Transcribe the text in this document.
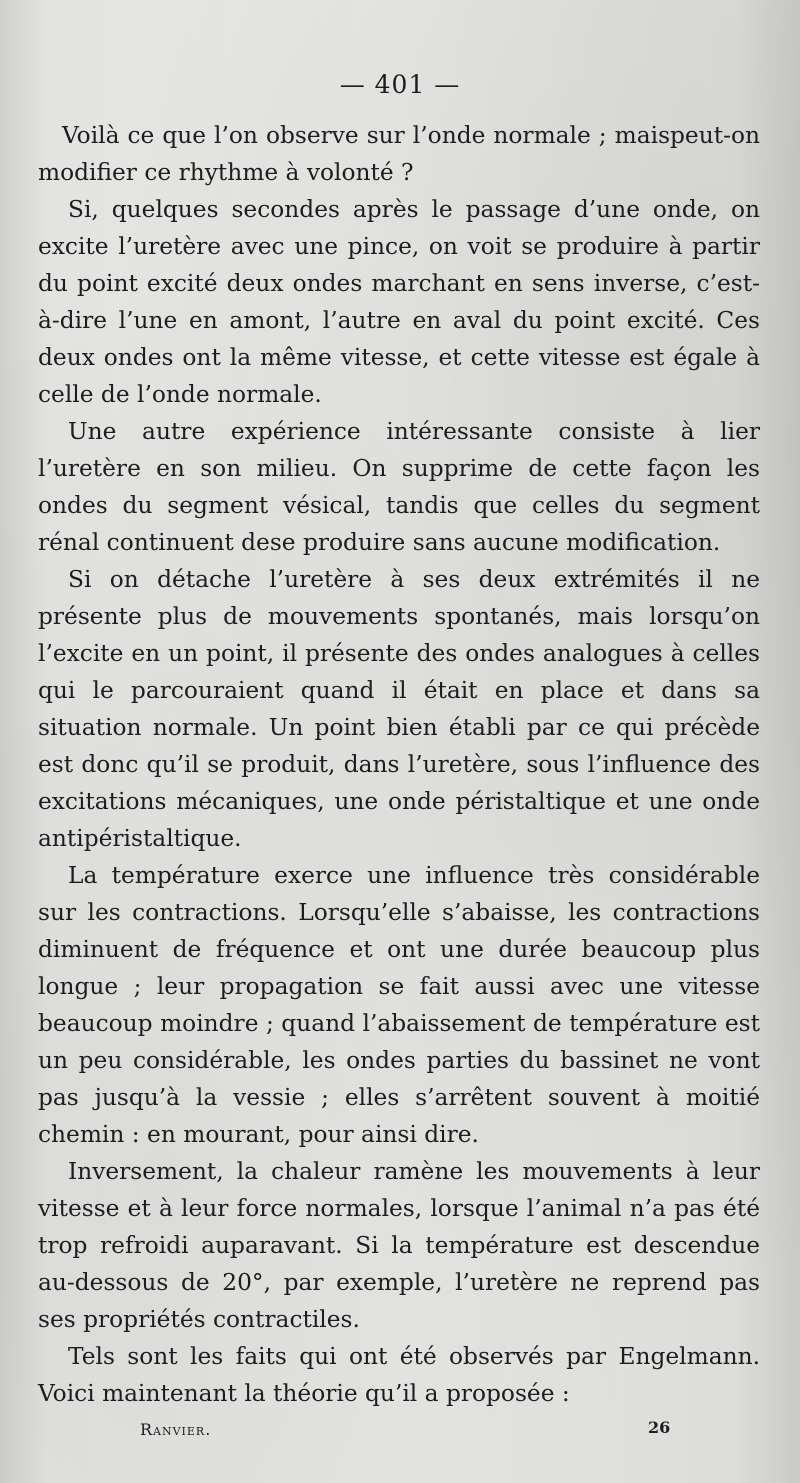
— 401 —

Voilà ce que l’on observe sur l’onde normale ; maispeut-on modifier ce rhythme à volonté ?

Si, quelques secondes après le passage d’une onde, on excite l’uretère avec une pince, on voit se produire à partir du point excité deux ondes marchant en sens inverse, c’est-à-dire l’une en amont, l’autre en aval du point excité. Ces deux ondes ont la même vitesse, et cette vitesse est égale à celle de l’onde normale.

Une autre expérience intéressante consiste à lier l’uretère en son milieu. On supprime de cette façon les ondes du segment vésical, tandis que celles du segment rénal continuent dese produire sans aucune modification.

Si on détache l’uretère à ses deux extrémités il ne présente plus de mouvements spontanés, mais lorsqu’on l’excite en un point, il présente des ondes analogues à celles qui le parcouraient quand il était en place et dans sa situation normale. Un point bien établi par ce qui précède est donc qu’il se produit, dans l’uretère, sous l’influence des excitations mécaniques, une onde péristaltique et une onde antipéristaltique.

La température exerce une influence très considérable sur les contractions. Lorsqu’elle s’abaisse, les contractions diminuent de fréquence et ont une durée beaucoup plus longue ; leur propagation se fait aussi avec une vitesse beaucoup moindre ; quand l’abaissement de température est un peu considérable, les ondes parties du bassinet ne vont pas jusqu’à la vessie ; elles s’arrêtent souvent à moitié chemin : en mourant, pour ainsi dire.

Inversement, la chaleur ramène les mouvements à leur vitesse et à leur force normales, lorsque l’animal n’a pas été trop refroidi auparavant. Si la température est descendue au-dessous de 20°, par exemple, l’uretère ne reprend pas ses propriétés contractiles.

Tels sont les faits qui ont été observés par Engelmann. Voici maintenant la théorie qu’il a proposée :

Ranvier.	26
